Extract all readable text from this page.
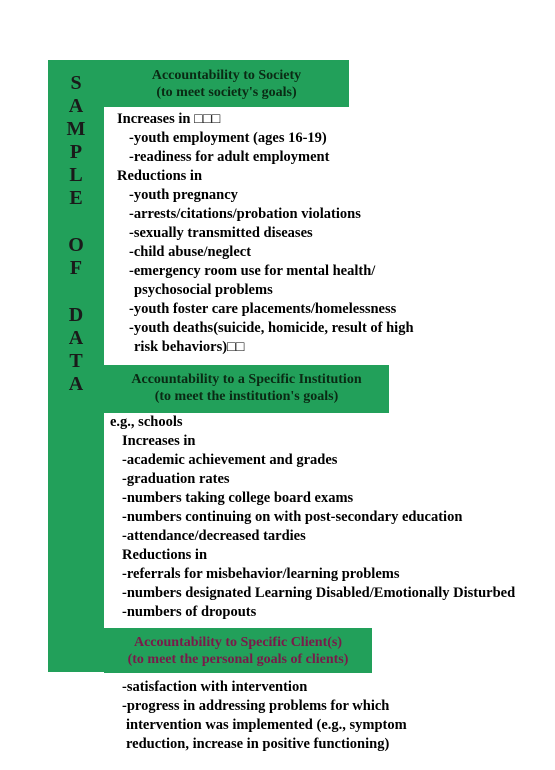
S
A
M
P
L
E
O
F
D
A
T
A
Accountability to Society
(to meet society's goals)
Increases in □□□
-youth employment (ages 16-19)
-readiness for adult employment
Reductions in
-youth pregnancy
-arrests/citations/probation violations
-sexually transmitted diseases
-child abuse/neglect
-emergency room use for mental health/
psychosocial problems
-youth foster care placements/homelessness
-youth deaths(suicide, homicide, result of high
risk behaviors)□□
Accountability to a Specific Institution
(to meet the institution's goals)
e.g., schools
Increases in
-academic achievement and grades
-graduation rates
-numbers taking college board exams
-numbers continuing on with post-secondary education
-attendance/decreased tardies
Reductions in
-referrals for misbehavior/learning problems
-numbers designated Learning Disabled/Emotionally Disturbed
-numbers of dropouts
Accountability to Specific Client(s)
(to meet the personal goals of clients)
-satisfaction with intervention
-progress in addressing problems for which
intervention was implemented (e.g., symptom
reduction, increase in positive functioning)
